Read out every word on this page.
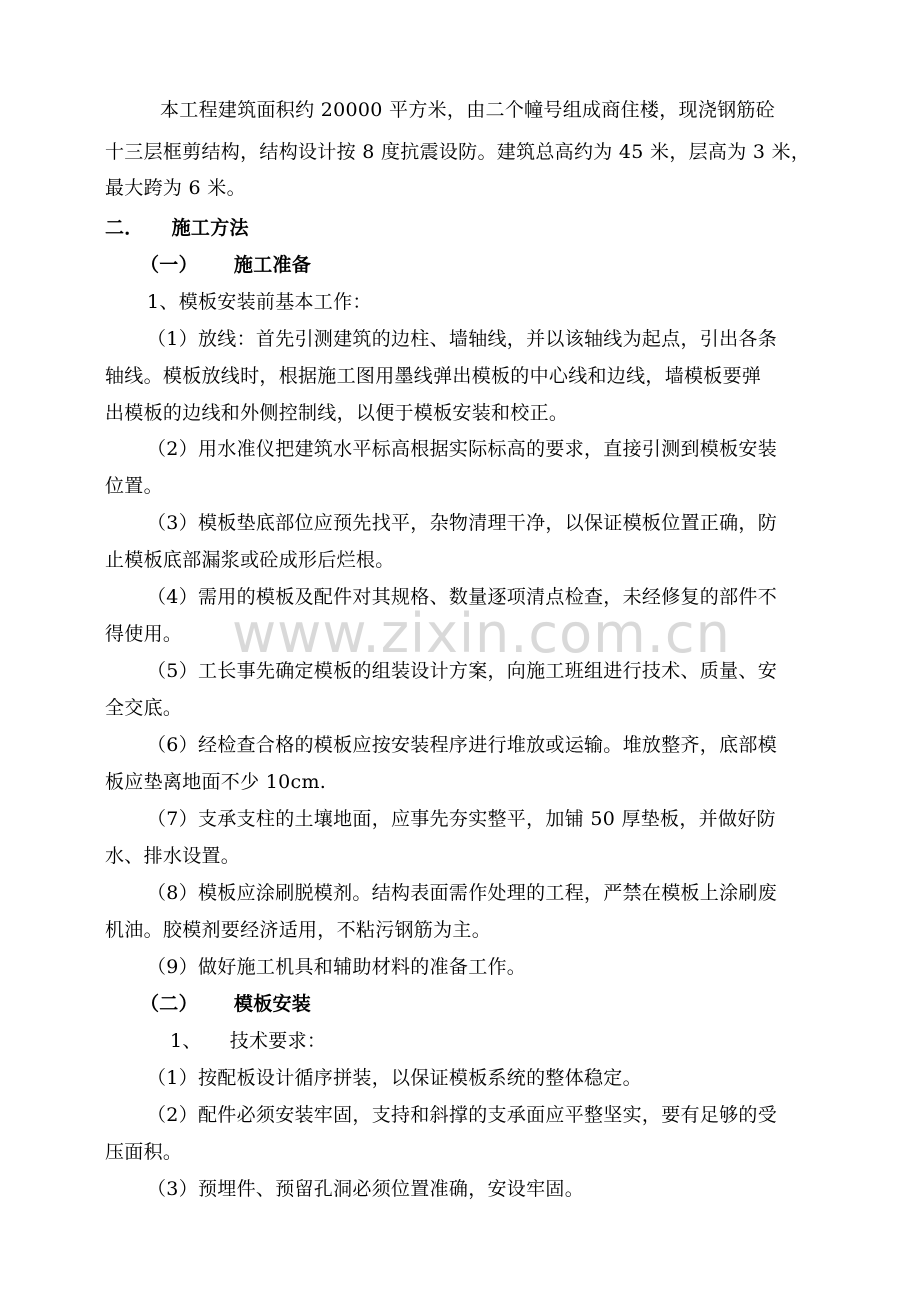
本工程建筑面积约 20000 平方米，由二个幢号组成商住楼，现浇钢筋砼
十三层框剪结构，结构设计按 8 度抗震设防。建筑总高约为 45 米，层高为 3 米，
最大跨为 6 米。
二． 施工方法
（一） 施工准备
1、模板安装前基本工作：
（1）放线：首先引测建筑的边柱、墙轴线，并以该轴线为起点，引出各条
轴线。模板放线时，根据施工图用墨线弹出模板的中心线和边线，墙模板要弹
出模板的边线和外侧控制线，以便于模板安装和校正。
（2）用水准仪把建筑水平标高根据实际标高的要求，直接引测到模板安装
位置。
（3）模板垫底部位应预先找平，杂物清理干净，以保证模板位置正确，防
止模板底部漏浆或砼成形后烂根。
（4）需用的模板及配件对其规格、数量逐项清点检查，未经修复的部件不
得使用。
（5）工长事先确定模板的组装设计方案，向施工班组进行技术、质量、安
全交底。
（6）经检查合格的模板应按安装程序进行堆放或运输。堆放整齐，底部模
板应垫离地面不少 10cm.
（7）支承支柱的土壤地面，应事先夯实整平，加铺 50 厚垫板，并做好防
水、排水设置。
（8）模板应涂刷脱模剂。结构表面需作处理的工程，严禁在模板上涂刷废
机油。胶模剂要经济适用，不粘污钢筋为主。
（9）做好施工机具和辅助材料的准备工作。
（二） 模板安装
1、 技术要求：
（1）按配板设计循序拼装，以保证模板系统的整体稳定。
（2）配件必须安装牢固，支持和斜撑的支承面应平整坚实，要有足够的受
压面积。
（3）预埋件、预留孔洞必须位置准确，安设牢固。
www.zixin.com.cn
